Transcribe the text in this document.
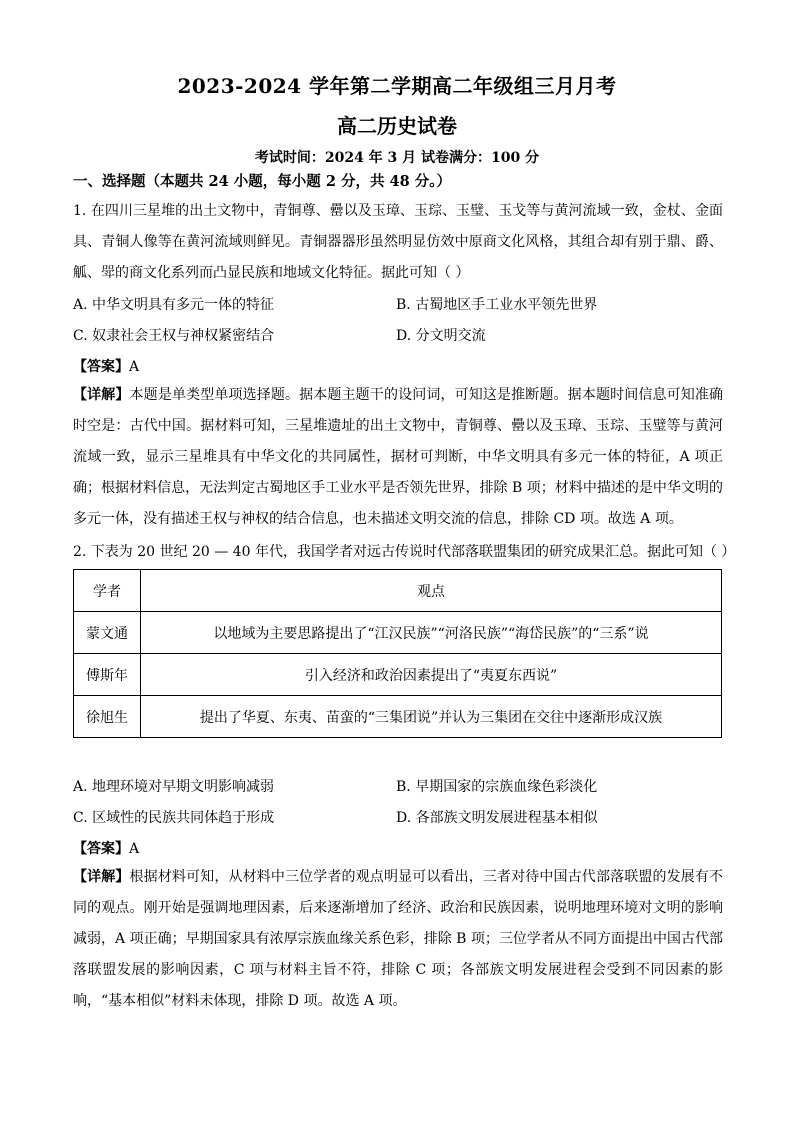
2023-2024 学年第二学期高二年级组三月月考
高二历史试卷
考试时间：2024 年 3 月 试卷满分：100 分
一、选择题（本题共 24 小题，每小题 2 分，共 48 分。）
1. 在四川三星堆的出土文物中，青铜尊、罍以及玉璋、玉琮、玉璧、玉戈等与黄河流域一致，金杖、金面具、青铜人像等在黄河流域则鲜见。青铜器器形虽然明显仿效中原商文化风格，其组合却有别于鼎、爵、觚、斝的商文化系列而凸显民族和地域文化特征。据此可知（ ）
A. 中华文明具有多元一体的特征	B. 古蜀地区手工业水平领先世界
C. 奴隶社会王权与神权紧密结合	D. 分文明交流
【答案】A
【详解】本题是单类型单项选择题。据本题主题干的设问词，可知这是推断题。据本题时间信息可知准确时空是：古代中国。据材料可知，三星堆遗址的出土文物中，青铜尊、罍以及玉璋、玉琮、玉璧等与黄河流域一致，显示三星堆具有中华文化的共同属性，据材可判断，中华文明具有多元一体的特征，A 项正确；根据材料信息，无法判定古蜀地区手工业水平是否领先世界，排除 B 项；材料中描述的是中华文明的多元一体，没有描述王权与神权的结合信息，也未描述文明交流的信息，排除 CD 项。故选 A 项。
2. 下表为 20 世纪 20 — 40 年代，我国学者对远古传说时代部落联盟集团的研究成果汇总。据此可知（ ）
学者	观点
蒙文通	以地域为主要思路提出了“江汉民族”“河洛民族”“海岱民族”的“三系”说
傅斯年	引入经济和政治因素提出了“夷夏东西说”
徐旭生	提出了华夏、东夷、苗蛮的“三集团说”并认为三集团在交往中逐渐形成汉族
A. 地理环境对早期文明影响减弱	B. 早期国家的宗族血缘色彩淡化
C. 区域性的民族共同体趋于形成	D. 各部族文明发展进程基本相似
【答案】A
【详解】根据材料可知，从材料中三位学者的观点明显可以看出，三者对待中国古代部落联盟的发展有不同的观点。刚开始是强调地理因素，后来逐渐增加了经济、政治和民族因素，说明地理环境对文明的影响减弱，A 项正确；早期国家具有浓厚宗族血缘关系色彩，排除 B 项；三位学者从不同方面提出中国古代部落联盟发展的影响因素，C 项与材料主旨不符，排除 C 项；各部族文明发展进程会受到不同因素的影响，“基本相似”材料未体现，排除 D 项。故选 A 项。
